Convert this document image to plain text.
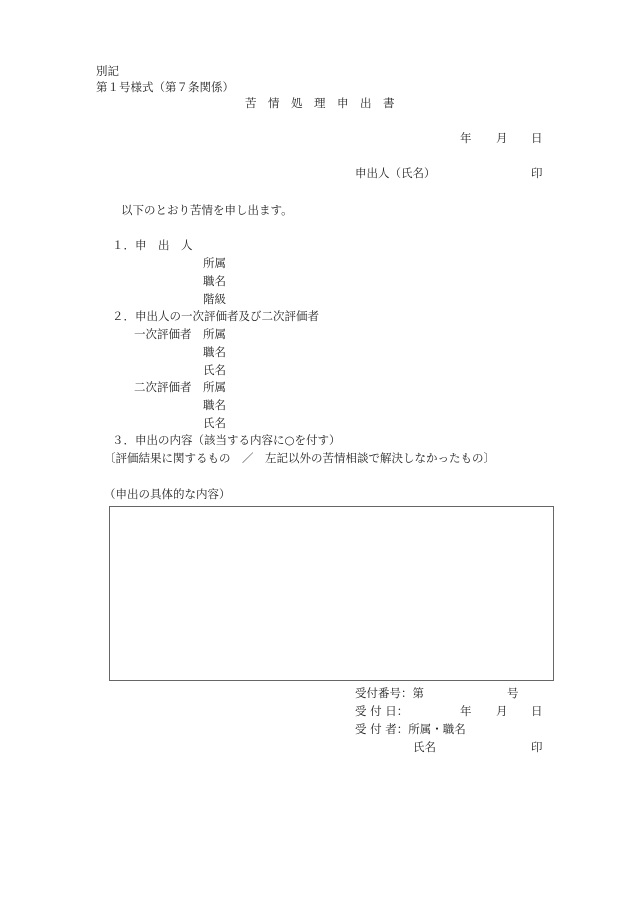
別記
第１号様式（第７条関係）
苦　情　処　理　申　出　書
年 月 日
申出人（氏名）	印
以下のとおり苦情を申し出ます。
１．申　出　人
所属
職名
階級
２．申出人の一次評価者及び二次評価者
一次評価者 所属
職名
氏名
二次評価者 所属
職名
氏名
３．申出の内容（該当する内容に○を付す）
〔評価結果に関するもの　／　左記以外の苦情相談で解決しなかったもの〕
（申出の具体的な内容）
受付番号：第	号
受 付 日：	年 月 日
受 付 者：所属・職名
氏名	印
